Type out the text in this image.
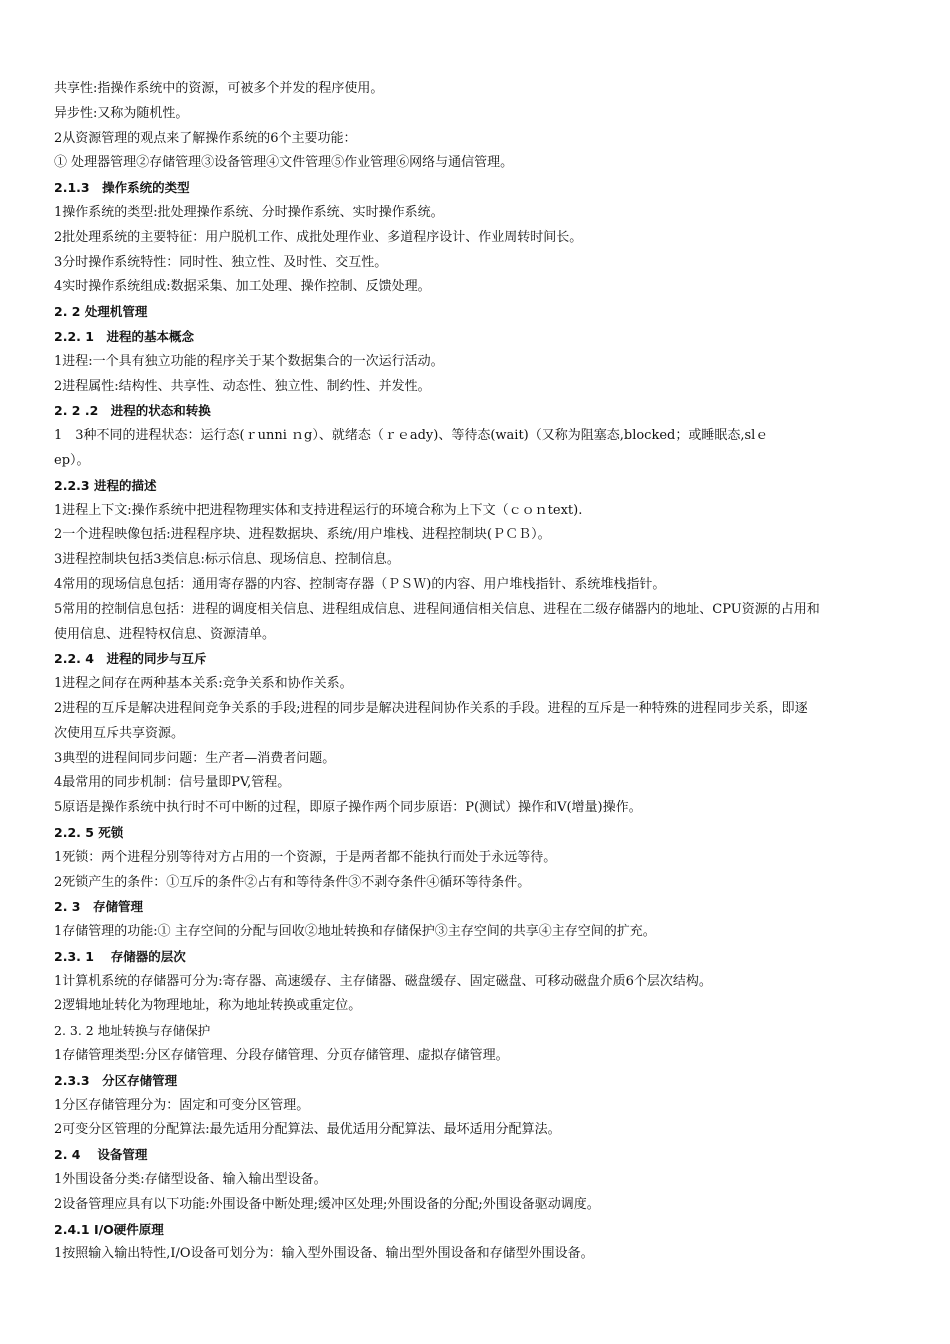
共享性:指操作系统中的资源，可被多个并发的程序使用。
异步性:又称为随机性。
2从资源管理的观点来了解操作系统的6个主要功能：
① 处理器管理②存储管理③设备管理④文件管理⑤作业管理⑥网络与通信管理。
2.1.3　操作系统的类型
1操作系统的类型:批处理操作系统、分时操作系统、实时操作系统。
2批处理系统的主要特征：用户脱机工作、成批处理作业、多道程序设计、作业周转时间长。
3分时操作系统特性：同时性、独立性、及时性、交互性。
4实时操作系统组成:数据采集、加工处理、操作控制、反馈处理。
2. 2 处理机管理
2.2. 1　进程的基本概念
1进程:一个具有独立功能的程序关于某个数据集合的一次运行活动。
2进程属性:结构性、共享性、动态性、独立性、制约性、并发性。
2. 2 .2　进程的状态和转换
1　3种不同的进程状态：运行态(ｒunni ｎg）、就绪态（ｒｅady)、等待态(wait)（又称为阻塞态,blocked；或睡眠态,slｅ
ep）。
2.2.3 进程的描述
1进程上下文:操作系统中把进程物理实体和支持进程运行的环境合称为上下文（ｃｏｎtext).
2一个进程映像包括:进程程序块、进程数据块、系统/用户堆栈、进程控制块(ＰＣＢ）。
3进程控制块包括3类信息:标示信息、现场信息、控制信息。
4常用的现场信息包括：通用寄存器的内容、控制寄存器（ＰＳＷ)的内容、用户堆栈指针、系统堆栈指针。
5常用的控制信息包括：进程的调度相关信息、进程组成信息、进程间通信相关信息、进程在二级存储器内的地址、CPU资源的占用和
使用信息、进程特权信息、资源清单。
2.2. 4　进程的同步与互斥
1进程之间存在两种基本关系:竞争关系和协作关系。
2进程的互斥是解决进程间竞争关系的手段;进程的同步是解决进程间协作关系的手段。进程的互斥是一种特殊的进程同步关系，即逐
次使用互斥共享资源。
3典型的进程间同步问题：生产者—消费者问题。
4最常用的同步机制：信号量即PV,管程。
5原语是操作系统中执行时不可中断的过程，即原子操作两个同步原语：P(测试）操作和V(增量)操作。
2.2. 5 死锁
1死锁：两个进程分别等待对方占用的一个资源，于是两者都不能执行而处于永远等待。
2死锁产生的条件：①互斥的条件②占有和等待条件③不剥夺条件④循环等待条件。
2. 3　存储管理
1存储管理的功能:① 主存空间的分配与回收②地址转换和存储保护③主存空间的共享④主存空间的扩充。
2.3. 1　 存储器的层次
1计算机系统的存储器可分为:寄存器、高速缓存、主存储器、磁盘缓存、固定磁盘、可移动磁盘介质6个层次结构。
2逻辑地址转化为物理地址，称为地址转换或重定位。
2. 3. 2 地址转换与存储保护
1存储管理类型:分区存储管理、分段存储管理、分页存储管理、虚拟存储管理。
2.3.3　分区存储管理
1分区存储管理分为：固定和可变分区管理。
2可变分区管理的分配算法:最先适用分配算法、最优适用分配算法、最坏适用分配算法。
2. 4　 设备管理
1外围设备分类:存储型设备、输入输出型设备。
2设备管理应具有以下功能:外围设备中断处理;缓冲区处理;外围设备的分配;外围设备驱动调度。
2.4.1 I/O硬件原理
1按照输入输出特性,I/O设备可划分为：输入型外围设备、输出型外围设备和存储型外围设备。
